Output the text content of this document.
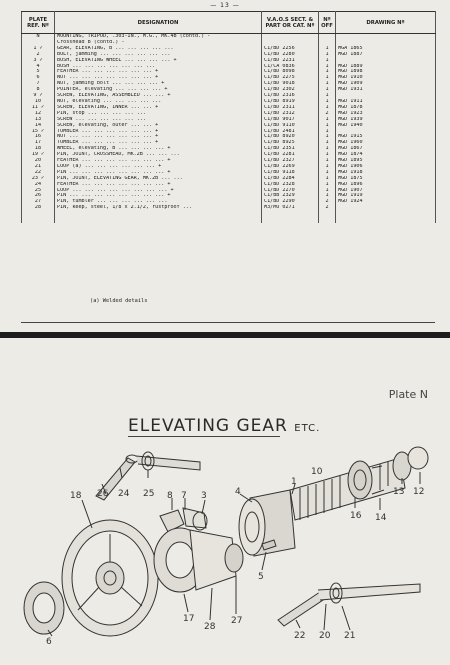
— 13 —
PLATE REF. Nº	DESIGNATION	V.A.O.S SECT. & PART OR CAT. Nº	Nº OFF	DRAWING Nº
N	MOUNTING, TRIPOD, .303-IN., M.G., MK.4B (contd.) -			
	Crosshead B (contd.) -			
1 ✓	GEAR, ELEVATING, B ... ... ... ... ...	C1/BD 2256	1	MGA 1865
2	BOLT, jamming ... ... ... ... ... ...	C1/BD 2280	1	MGD 1887
3 ✓	BUSH, ELEVATING WHEEL ... ... ... ... +	C1/BD 2231	1	
4	BUSH ... ... ... ... ... ... ...	C1/CA 0836	1	MGD 1889
5	FEATHER ... ... ... ... ... ... +	C1/BD 8098	1	MGD 1898
6	NUT ... ... ... ... ... ... ... +	C1/BD 2275	1	MGD 1910
7	NUT, jamming bolt ... ... ... ... +	C1/BD 9018	1	MGD 1909
8	POINTER, elevating ... ... ... ... +	C1/BD 2302	1	MGD 1931
9 ✓	SCREW, ELEVATING, ASSEMBLED ... ... +	C1/BD 2316	1	
10	NUT, elevating ... ... ... ... ...	C1/BD 8919	1	MGD 1911
11 ✓	SCREW, ELEVATING, INNER ... ... +	C1/BD 2311	1	MGD 1878
12	PIN, stop ... ... ... ... ...	C1/BD 2312	2	MGD 1923
13	SCREW ... ... ... ... ... ...	C1/BD 9017	1	MGD 1939
14	SCREW, elevating, outer ... ... +	C1/BD 9110	1	MGD 1940
15 ✓	TUMBLER ... ... ... ... ... ... +	C1/BD 2481	1	
16	NUT ... ... ... ... ... ... ... +	C1/BD 8920	1	MGD 1915
17	TUMBLER ... ... ... ... ... ... +	C1/BD 8925	1	MGD 1960
18	WHEEL, elevating, B ... ... ... ... +	C1/BD 2351	1	MGD 1867
19 ✓	PIN, JOINT, CROSSHEAD, MK.2B ... ... ...	C1/BD 2281	1	MGD 1874
20	FEATHER ... ... ... ... ... ... ... +	C1/BD 2327	1	MGD 1895
21	LOOP (a) ... ... ... ... ... ... +	C1/BD 2269	1	MGD 1906
22	PIN ... ... ... ... ... ... ... ... +	C1/BD 9118	1	MGD 1918
23 ✓	PIN, JOINT, ELEVATING GEAR, MK.2B ... ...	C1/BD 2284	1	MGD 1875
24	FEATHER ... ... ... ... ... ... ... +	C1/BD 2328	1	MGD 1896
25	LOOP ... ... ... ... ... ... ... ... +	C1/BD 2270	1	MGD 1907
26	PIN ... ... ... ... ... ... ... ... +	C1/BB 2329	1	MGD 1919
27	PIN, tumbler ... ... ... ... ... ...	C1/BD 2290	2	MGD 1924
28	PIN, keep, steel, 1/8 x 2.1/2, rustproof ...	M3/MU 0271	2	

(a) Welded details
Plate N
ELEVATING GEAR ETC.
26 24 25 8 7 3	4
1
10
16 14
13 12
18
6
17
28
27
5
22 20 21
